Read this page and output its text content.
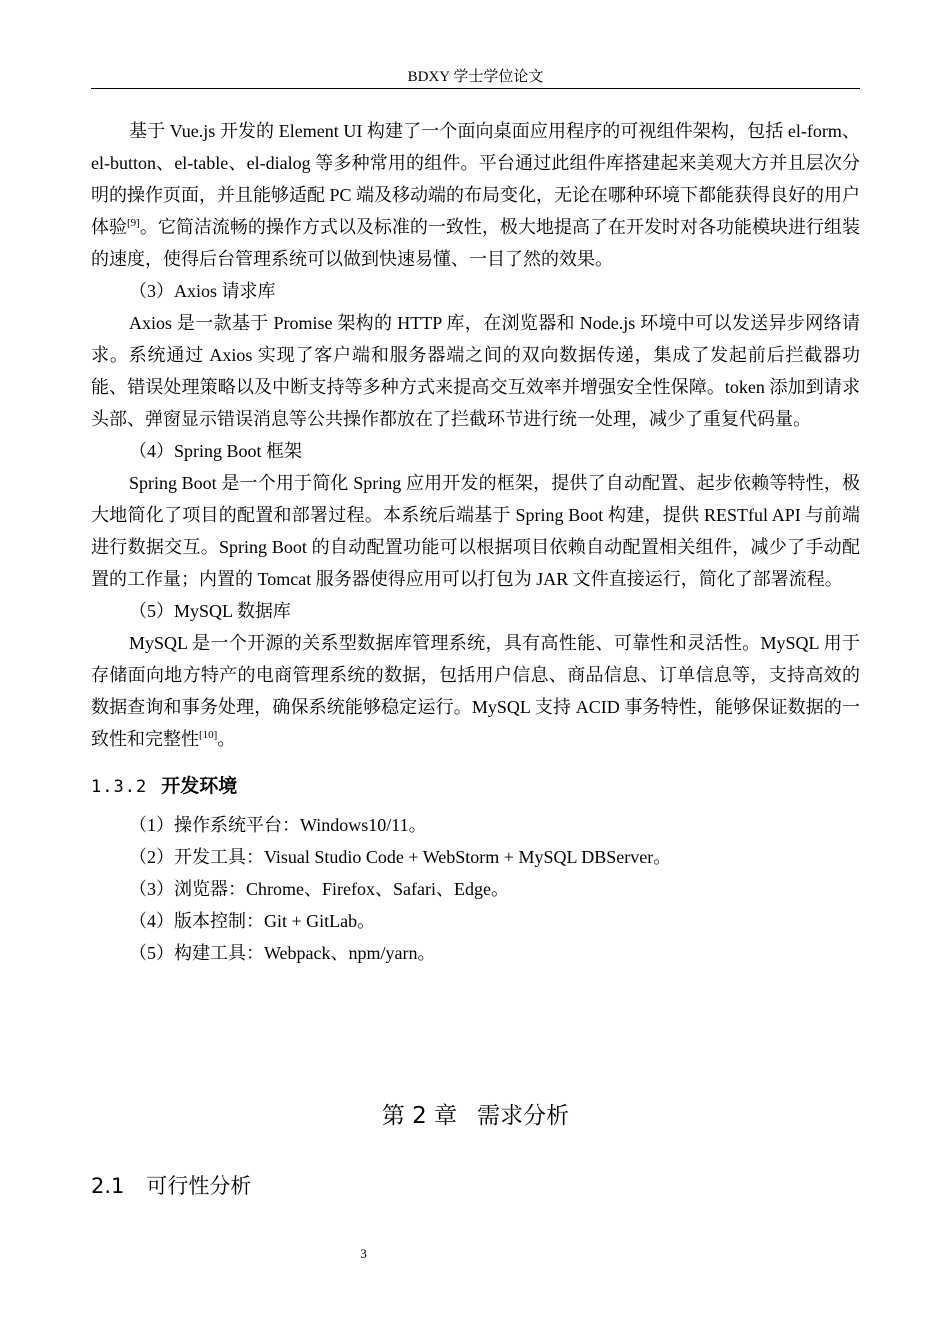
BDXY 学士学位论文

基于 Vue.js 开发的 Element UI 构建了一个面向桌面应用程序的可视组件架构，包括 el-form、el-button、el-table、el-dialog 等多种常用的组件。平台通过此组件库搭建起来美观大方并且层次分明的操作页面，并且能够适配 PC 端及移动端的布局变化，无论在哪种环境下都能获得良好的用户体验[9]。它简洁流畅的操作方式以及标准的一致性，极大地提高了在开发时对各功能模块进行组装的速度，使得后台管理系统可以做到快速易懂、一目了然的效果。

（3）Axios 请求库

Axios 是一款基于 Promise 架构的 HTTP 库，在浏览器和 Node.js 环境中可以发送异步网络请求。系统通过 Axios 实现了客户端和服务器端之间的双向数据传递，集成了发起前后拦截器功能、错误处理策略以及中断支持等多种方式来提高交互效率并增强安全性保障。token 添加到请求头部、弹窗显示错误消息等公共操作都放在了拦截环节进行统一处理，减少了重复代码量。

（4）Spring Boot 框架

Spring Boot 是一个用于简化 Spring 应用开发的框架，提供了自动配置、起步依赖等特性，极大地简化了项目的配置和部署过程。本系统后端基于 Spring Boot 构建，提供 RESTful API 与前端进行数据交互。Spring Boot 的自动配置功能可以根据项目依赖自动配置相关组件，减少了手动配置的工作量；内置的 Tomcat 服务器使得应用可以打包为 JAR 文件直接运行，简化了部署流程。

（5）MySQL 数据库

MySQL 是一个开源的关系型数据库管理系统，具有高性能、可靠性和灵活性。MySQL 用于存储面向地方特产的电商管理系统的数据，包括用户信息、商品信息、订单信息等，支持高效的数据查询和事务处理，确保系统能够稳定运行。MySQL 支持 ACID 事务特性，能够保证数据的一致性和完整性[10]。

1.3.2 开发环境

（1）操作系统平台：Windows10/11。

（2）开发工具：Visual Studio Code + WebStorm + MySQL DBServer。

（3）浏览器：Chrome、Firefox、Safari、Edge。

（4）版本控制：Git + GitLab。

（5）构建工具：Webpack、npm/yarn。

第 2 章 需求分析
2.1 可行性分析
3
